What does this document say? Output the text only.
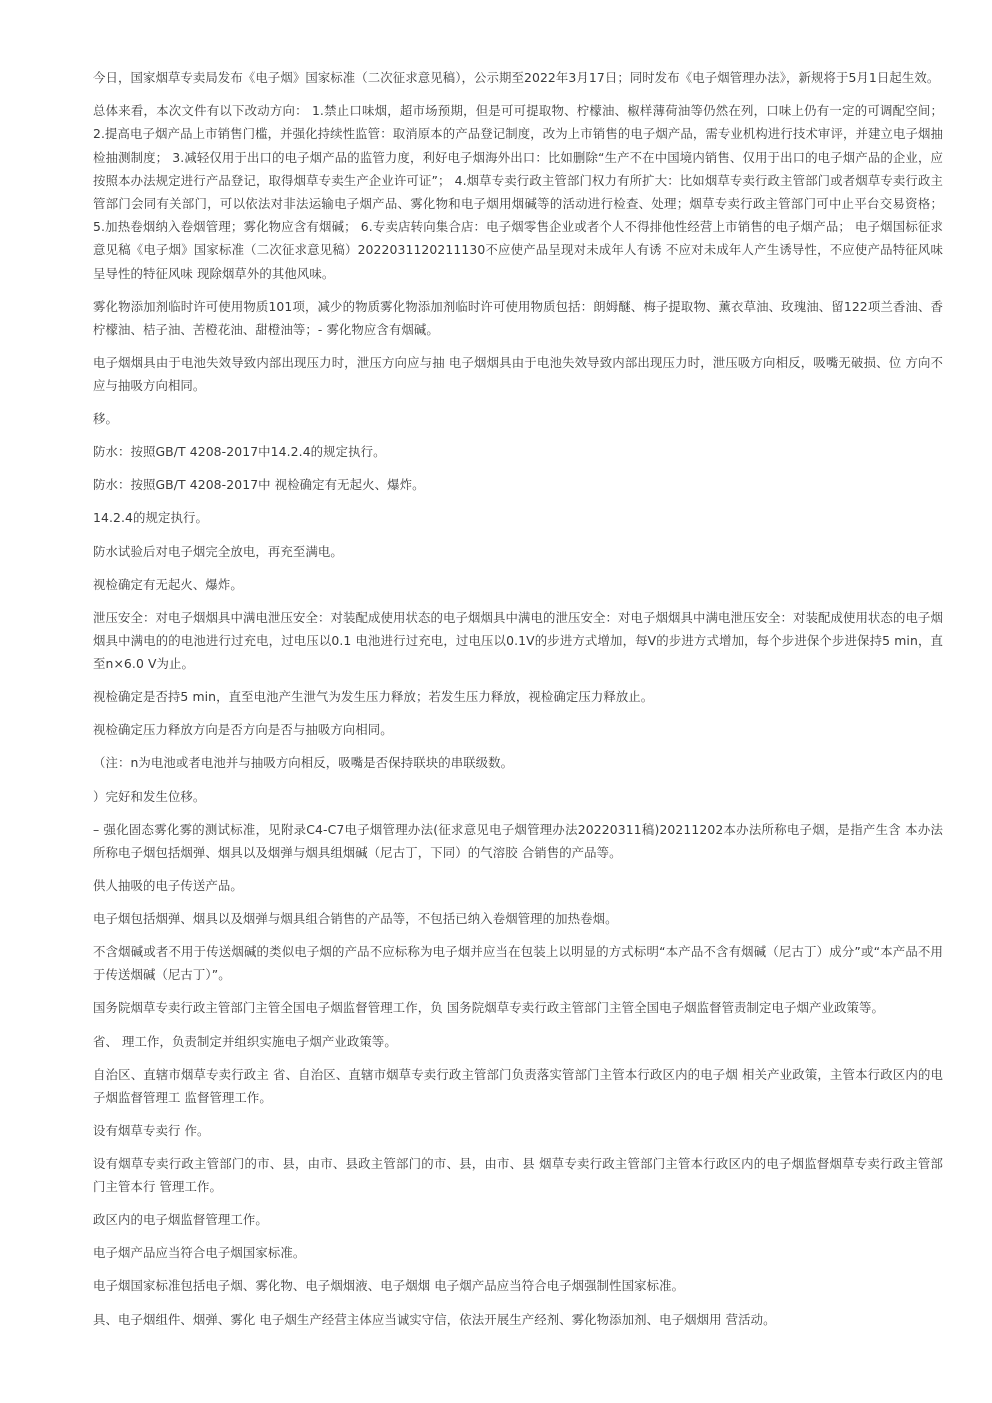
今日，国家烟草专卖局发布《电子烟》国家标准（二次征求意见稿），公示期至2022年3月17日；同时发布《电子烟管理办法》，新规将于5月1日起生效。

总体来看，本次文件有以下改动方向： 1.禁止口味烟，超市场预期，但是可可提取物、柠檬油、椒样薄荷油等仍然在列，口味上仍有一定的可调配空间； 2.提高电子烟产品上市销售门槛，并强化持续性监管：取消原本的产品登记制度，改为上市销售的电子烟产品，需专业机构进行技术审评，并建立电子烟抽检抽测制度； 3.减轻仅用于出口的电子烟产品的监管力度，利好电子烟海外出口：比如删除“生产不在中国境内销售、仅用于出口的电子烟产品的企业，应按照本办法规定进行产品登记，取得烟草专卖生产企业许可证”； 4.烟草专卖行政主管部门权力有所扩大：比如烟草专卖行政主管部门或者烟草专卖行政主管部门会同有关部门，可以依法对非法运输电子烟产品、雾化物和电子烟用烟碱等的活动进行检查、处理；烟草专卖行政主管部门可中止平台交易资格； 5.加热卷烟纳入卷烟管理；雾化物应含有烟碱； 6.专卖店转向集合店：电子烟零售企业或者个人不得排他性经营上市销售的电子烟产品； 电子烟国标征求意见稿《电子烟》国家标准（二次征求意见稿）2022031120211130不应使产品呈现对未成年人有诱 不应对未成年人产生诱导性，不应使产品特征风味呈导性的特征风味 现除烟草外的其他风味。

雾化物添加剂临时许可使用物质101项，减少的物质雾化物添加剂临时许可使用物质包括：朗姆醚、梅子提取物、薰衣草油、玫瑰油、留122项兰香油、香柠檬油、桔子油、苦橙花油、甜橙油等；- 雾化物应含有烟碱。

电子烟烟具由于电池失效导致内部出现压力时，泄压方向应与抽 电子烟烟具由于电池失效导致内部出现压力时，泄压吸方向相反，吸嘴无破损、位 方向不应与抽吸方向相同。

移。

防水：按照GB/T 4208-2017中14.2.4的规定执行。

防水：按照GB/T 4208-2017中 视检确定有无起火、爆炸。

14.2.4的规定执行。

防水试验后对电子烟完全放电，再充至满电。

视检确定有无起火、爆炸。

泄压安全：对电子烟烟具中满电泄压安全：对装配成使用状态的电子烟烟具中满电的泄压安全：对电子烟烟具中满电泄压安全：对装配成使用状态的电子烟烟具中满电的的电池进行过充电，过电压以0.1 电池进行过充电，过电压以0.1V的步进方式增加，每V的步进方式增加，每个步进保个步进保持5 min，直至n×6.0 V为止。

视检确定是否持5 min，直至电池产生泄气为发生压力释放；若发生压力释放，视检确定压力释放止。

视检确定压力释放方向是否方向是否与抽吸方向相同。

（注：n为电池或者电池并与抽吸方向相反，吸嘴是否保持联块的串联级数。

）完好和发生位移。

– 强化固态雾化雾的测试标准，见附录C4-C7电子烟管理办法(征求意见电子烟管理办法20220311稿)20211202本办法所称电子烟，是指产生含 本办法所称电子烟包括烟弹、烟具以及烟弹与烟具组烟碱（尼古丁，下同）的气溶胶 合销售的产品等。

供人抽吸的电子传送产品。

电子烟包括烟弹、烟具以及烟弹与烟具组合销售的产品等，不包括已纳入卷烟管理的加热卷烟。

不含烟碱或者不用于传送烟碱的类似电子烟的产品不应标称为电子烟并应当在包装上以明显的方式标明“本产品不含有烟碱（尼古丁）成分”或“本产品不用于传送烟碱（尼古丁）”。

国务院烟草专卖行政主管部门主管全国电子烟监督管理工作，负 国务院烟草专卖行政主管部门主管全国电子烟监督管责制定电子烟产业政策等。

省、 理工作，负责制定并组织实施电子烟产业政策等。

自治区、直辖市烟草专卖行政主 省、自治区、直辖市烟草专卖行政主管部门负责落实管部门主管本行政区内的电子烟 相关产业政策，主管本行政区内的电子烟监督管理工 监督管理工作。

设有烟草专卖行 作。

设有烟草专卖行政主管部门的市、县，由市、县政主管部门的市、县，由市、县 烟草专卖行政主管部门主管本行政区内的电子烟监督烟草专卖行政主管部门主管本行 管理工作。

政区内的电子烟监督管理工作。

电子烟产品应当符合电子烟国家标准。

电子烟国家标准包括电子烟、雾化物、电子烟烟液、电子烟烟 电子烟产品应当符合电子烟强制性国家标准。

具、电子烟组件、烟弹、雾化 电子烟生产经营主体应当诚实守信，依法开展生产经剂、雾化物添加剂、电子烟烟用 营活动。
